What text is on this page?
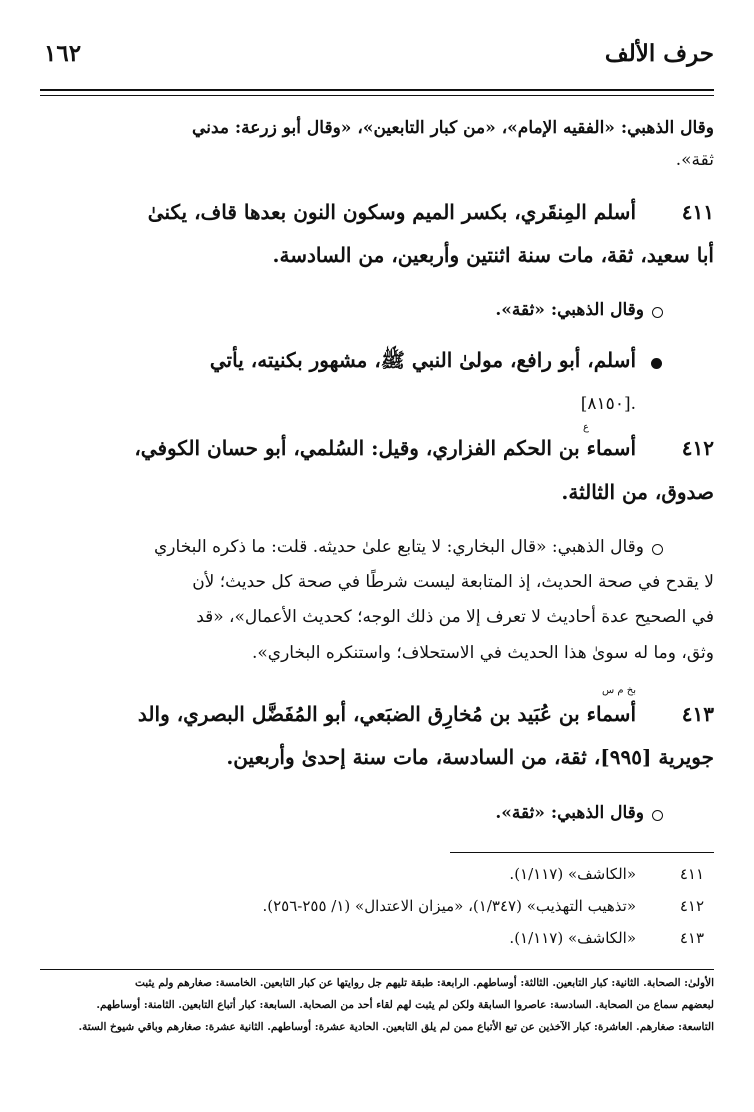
حرف الألف
١٦٢
وقال الذهبي: «الفقيه الإمام»، «من كبار التابعين»، «وقال أبو زرعة: مدني
ثقة».
٤١١
أسلم المِنقَري، بكسر الميم وسكون النون بعدها قاف، يكنىٰ
أبا سعيد، ثقة، مات سنة اثنتين وأربعين، من السادسة.
وقال الذهبي: «ثقة».
أسلم، أبو رافع، مولىٰ النبي ﷺ، مشهور بكنيته، يأتي
[٨١٥٠].
ع
٤١٢
أسماء بن الحكم الفزاري، وقيل: السُلمي، أبو حسان الكوفي،
صدوق، من الثالثة.
وقال الذهبي: «قال البخاري: لا يتابع علىٰ حديثه. قلت: ما ذكره البخاري
لا يقدح في صحة الحديث، إذ المتابعة ليست شرطًا في صحة كل حديث؛ لأن
في الصحيح عدة أحاديث لا تعرف إلا من ذلك الوجه؛ كحديث الأعمال»، «قد
وثق، وما له سوىٰ هذا الحديث في الاستحلاف؛ واستنكره البخاري».
بخ م س
٤١٣
أسماء بن عُبَيد بن مُخارِق الضبَعي، أبو المُفَضَّل البصري، والد
جويرية [٩٩٥]، ثقة، من السادسة، مات سنة إحدىٰ وأربعين.
وقال الذهبي: «ثقة».
٤١١
«الكاشف» (١/١١٧).
٤١٢
«تذهيب التهذيب» (١/٣٤٧)، «ميزان الاعتدال» (١/ ٢٥٥-٢٥٦).
٤١٣
«الكاشف» (١/١١٧).
الأولىٰ: الصحابة. الثانية: كبار التابعين. الثالثة: أوساطهم. الرابعة: طبقة تليهم جل روايتها عن كبار التابعين. الخامسة: صغارهم ولم يثبت
لبعضهم سماع من الصحابة. السادسة: عاصروا السابقة ولكن لم يثبت لهم لقاء أحد من الصحابة. السابعة: كبار أتباع التابعين. الثامنة: أوساطهم.
التاسعة: صغارهم. العاشرة: كبار الآخذين عن تبع الأتباع ممن لم يلق التابعين. الحادية عشرة: أوساطهم. الثانية عشرة: صغارهم وباقي شيوخ الستة.
